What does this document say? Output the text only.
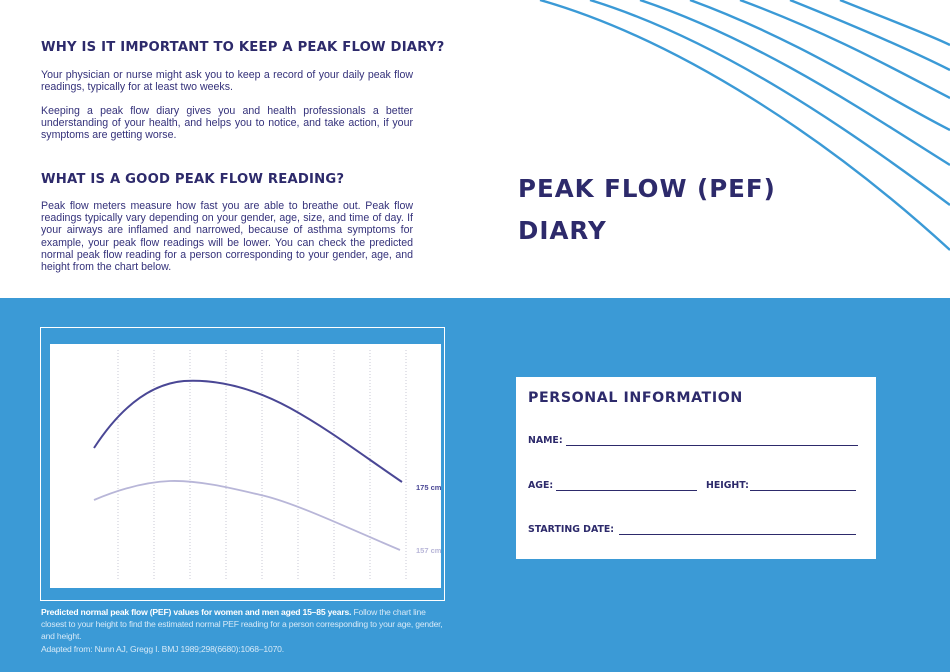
WHY IS IT IMPORTANT TO KEEP A PEAK FLOW DIARY?

Your physician or nurse might ask you to keep a record of your daily peak flow readings, typically for at least two weeks.

Keeping a peak flow diary gives you and health professionals a better understanding of your health, and helps you to notice, and take action, if your symptoms are getting worse.

WHAT IS A GOOD PEAK FLOW READING?

Peak flow meters measure how fast you are able to breathe out. Peak flow readings typically vary depending on your gender, age, size, and time of day. If your airways are inflamed and narrowed, because of asthma symptoms for example, your peak flow readings will be lower. You can check the predicted normal peak flow reading for a person corresponding to your gender, age, and height from the chart below.

PEAK FLOW (PEF)
DIARY
175 cm
157 cm

Predicted normal peak flow (PEF) values for women and men aged 15–85 years. Follow the chart line closest to your height to find the estimated normal PEF reading for a person corresponding to your age, gender, and height.
Adapted from: Nunn AJ, Gregg I. BMJ 1989;298(6680):1068–1070.

PERSONAL INFORMATION
NAME:
AGE:	HEIGHT:
STARTING DATE:
